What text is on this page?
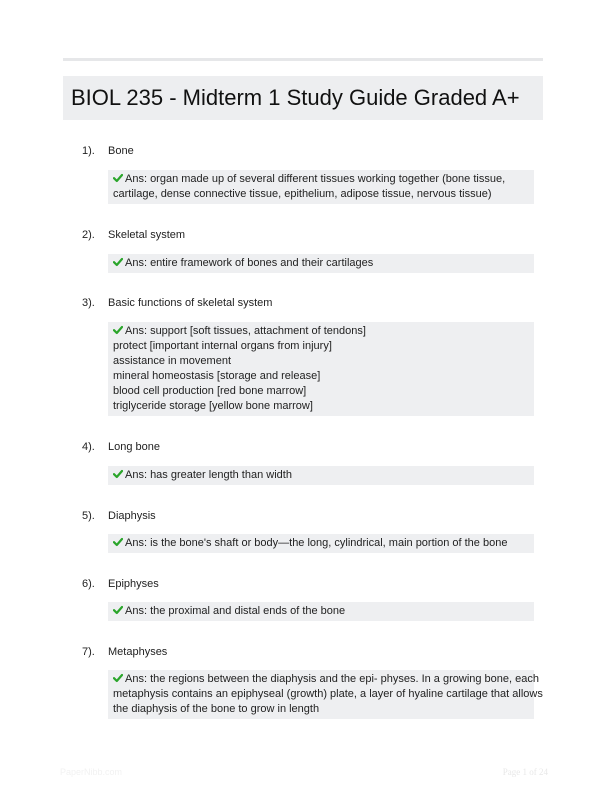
BIOL 235 - Midterm 1 Study Guide Graded A+
1). Bone
Ans: organ made up of several different tissues working together (bone tissue,
cartilage, dense connective tissue, epithelium, adipose tissue, nervous tissue)
2). Skeletal system
Ans: entire framework of bones and their cartilages
3). Basic functions of skeletal system
Ans: support [soft tissues, attachment of tendons]
protect [important internal organs from injury]
assistance in movement
mineral homeostasis [storage and release]
blood cell production [red bone marrow]
triglyceride storage [yellow bone marrow]
4). Long bone
Ans: has greater length than width
5). Diaphysis
Ans: is the bone's shaft or body—the long, cylindrical, main portion of the bone
6). Epiphyses
Ans: the proximal and distal ends of the bone
7). Metaphyses
Ans: the regions between the diaphysis and the epi- physes. In a growing bone, each
metaphysis contains an epiphyseal (growth) plate, a layer of hyaline cartilage that allows
the diaphysis of the bone to grow in length
PaperNibb.com	Page 1 of 24
